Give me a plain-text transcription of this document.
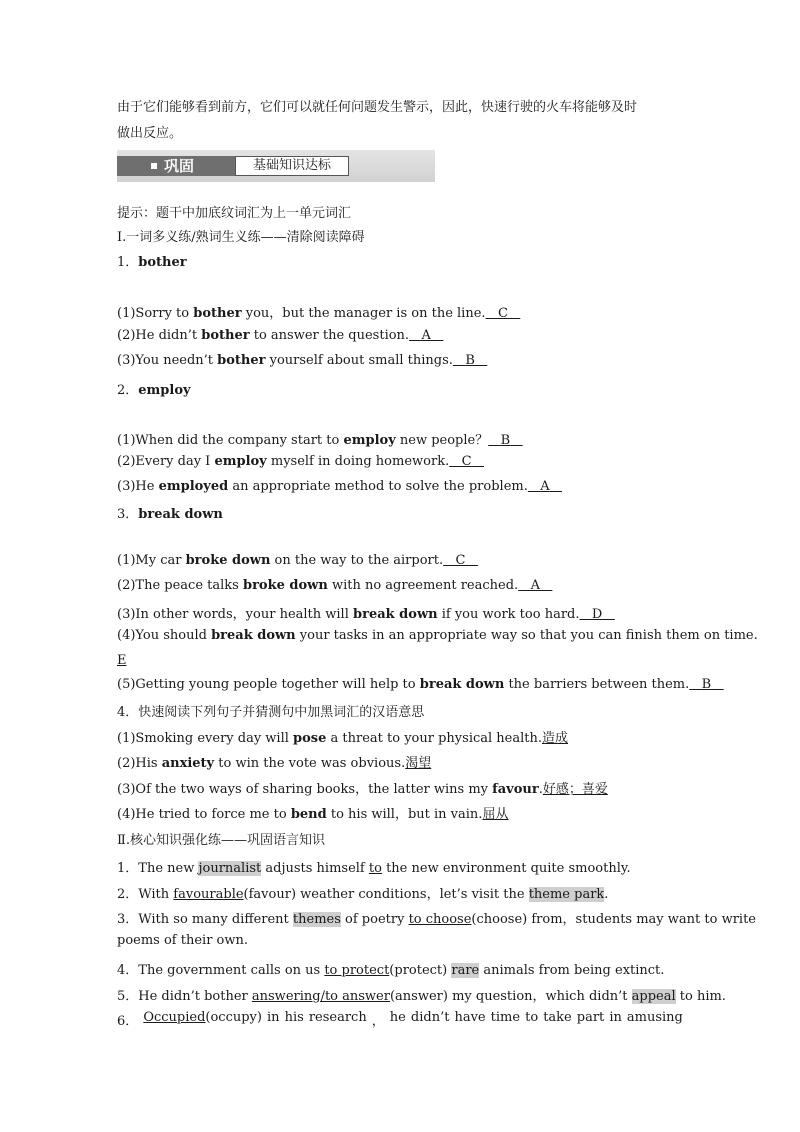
由于它们能够看到前方，它们可以就任何问题发生警示，因此，快速行驶的火车将能够及时
做出反应。
巩固	基础知识达标
提示：题干中加底纹词汇为上一单元词汇
Ⅰ.一词多义练/熟词生义练——清除阅读障碍
1．bother
(1)Sorry to bother you，but the manager is on the line. C
(2)He didn’t bother to answer the question. A
(3)You needn’t bother yourself about small things. B
2．employ
(1)When did the company start to employ new people？ B
(2)Every day I employ myself in doing homework. C
(3)He employed an appropriate method to solve the problem. A
3．break down
(1)My car broke down on the way to the airport. C
(2)The peace talks broke down with no agreement reached. A
(3)In other words，your health will break down if you work too hard. D
(4)You should break down your tasks in an appropriate way so that you can finish them on time.
E
(5)Getting young people together will help to break down the barriers between them. B
4．快速阅读下列句子并猜测句中加黑词汇的汉语意思
(1)Smoking every day will pose a threat to your physical health.造成
(2)His anxiety to win the vote was obvious.渴望
(3)Of the two ways of sharing books，the latter wins my favour.好感；喜爱
(4)He tried to force me to bend to his will，but in vain.屈从
Ⅱ.核心知识强化练——巩固语言知识
1．The new journalist adjusts himself to the new environment quite smoothly.
2．With favourable(favour) weather conditions，let’s visit the theme park.
3．With so many different themes of poetry to choose(choose) from，students may want to write
poems of their own.
4．The government calls on us to protect(protect) rare animals from being extinct.
5．He didn’t bother answering/to answer(answer) my question，which didn’t appeal to him.
6． Occupied(occupy) in his research ， he didn’t have time to take part in amusing
